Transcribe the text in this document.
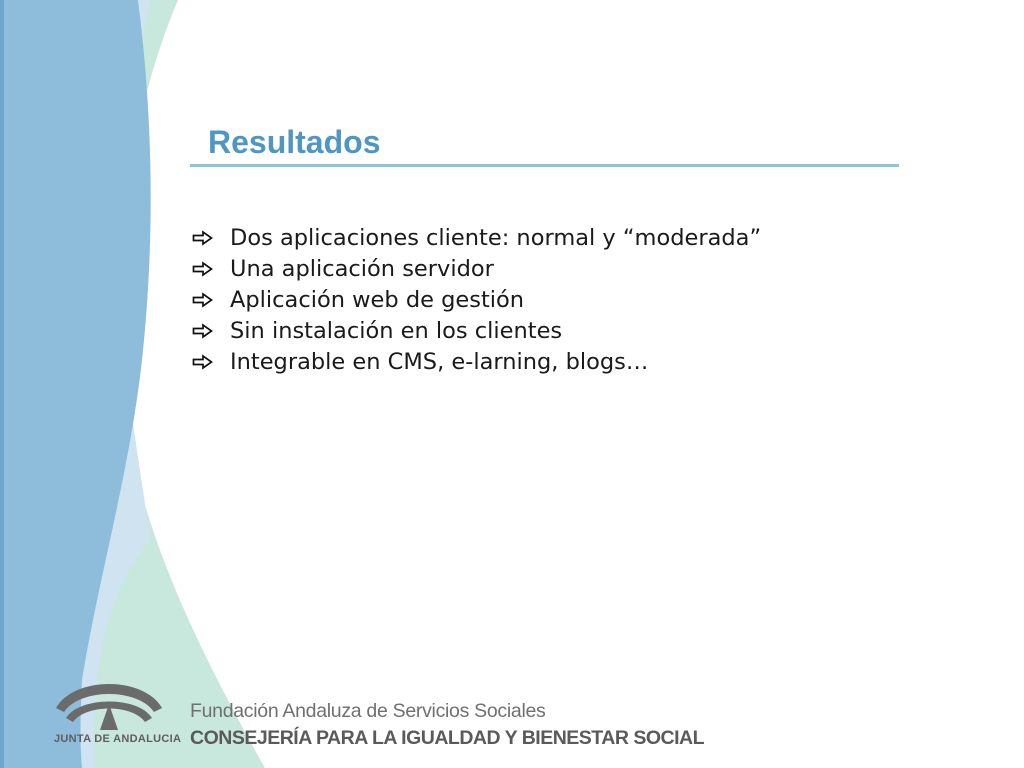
Resultados
Dos aplicaciones cliente: normal y “moderada”
Una aplicación servidor
Aplicación web de gestión
Sin instalación en los clientes
Integrable en CMS, e-larning, blogs…
JUNTA DE ANDALUCIA
Fundación Andaluza de Servicios Sociales
CONSEJERÍA PARA LA IGUALDAD Y BIENESTAR SOCIAL
